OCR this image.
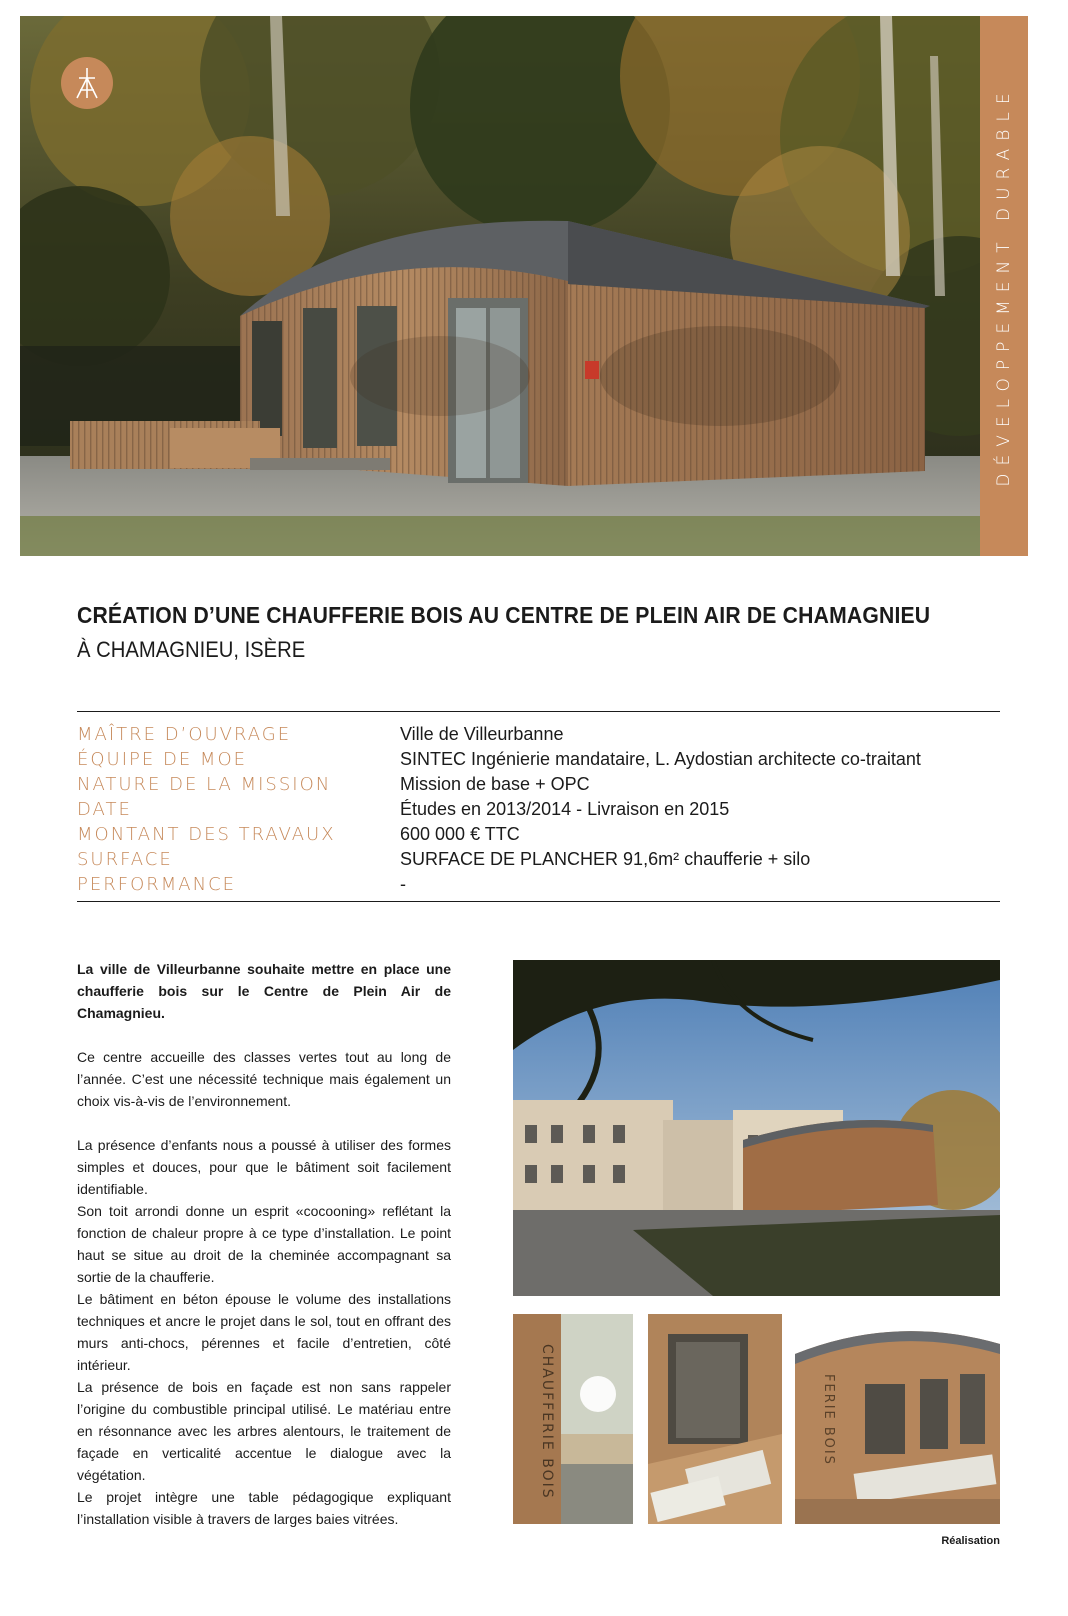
DÉVELOPPEMENT DURABLE
CRÉATION D’UNE CHAUFFERIE BOIS AU CENTRE DE PLEIN AIR DE CHAMAGNIEU
À CHAMAGNIEU, ISÈRE
MAÎTRE D’OUVRAGE	Ville de Villeurbanne
ÉQUIPE DE MOE	SINTEC Ingénierie mandataire, L. Aydostian architecte co-traitant
NATURE DE LA MISSION	Mission de base + OPC
DATE	Études en 2013/2014 - Livraison en 2015
MONTANT DES TRAVAUX	600 000 € TTC
SURFACE	SURFACE DE PLANCHER 91,6m² chaufferie + silo
PERFORMANCE	-

La ville de Villeurbanne souhaite mettre en place une chaufferie bois sur le Centre de Plein Air de Chamagnieu.

Ce centre accueille des classes vertes tout au long de l’année. C’est une nécessité technique mais également un choix vis-à-vis de l’environnement.

La présence d’enfants nous a poussé à utiliser des formes simples et douces, pour que le bâtiment soit facilement identifiable.

Son toit arrondi donne un esprit «cocooning» reflétant la fonction de chaleur propre à ce type d’installation. Le point haut se situe au droit de la cheminée accompagnant sa sortie de la chaufferie.

Le bâtiment en béton épouse le volume des installations techniques et ancre le projet dans le sol, tout en offrant des murs anti-chocs, pérennes et facile d’entretien, côté intérieur.

La présence de bois en façade est non sans rappeler l’origine du combustible principal utilisé. Le matériau entre en résonnance avec les arbres alentours, le traitement de façade en verticalité accentue le dialogue avec la végétation.

Le projet intègre une table pédagogique expliquant l’installation visible à travers de larges baies vitrées.

CHAUFFERIE BOIS	FERIE BOIS
Réalisation
